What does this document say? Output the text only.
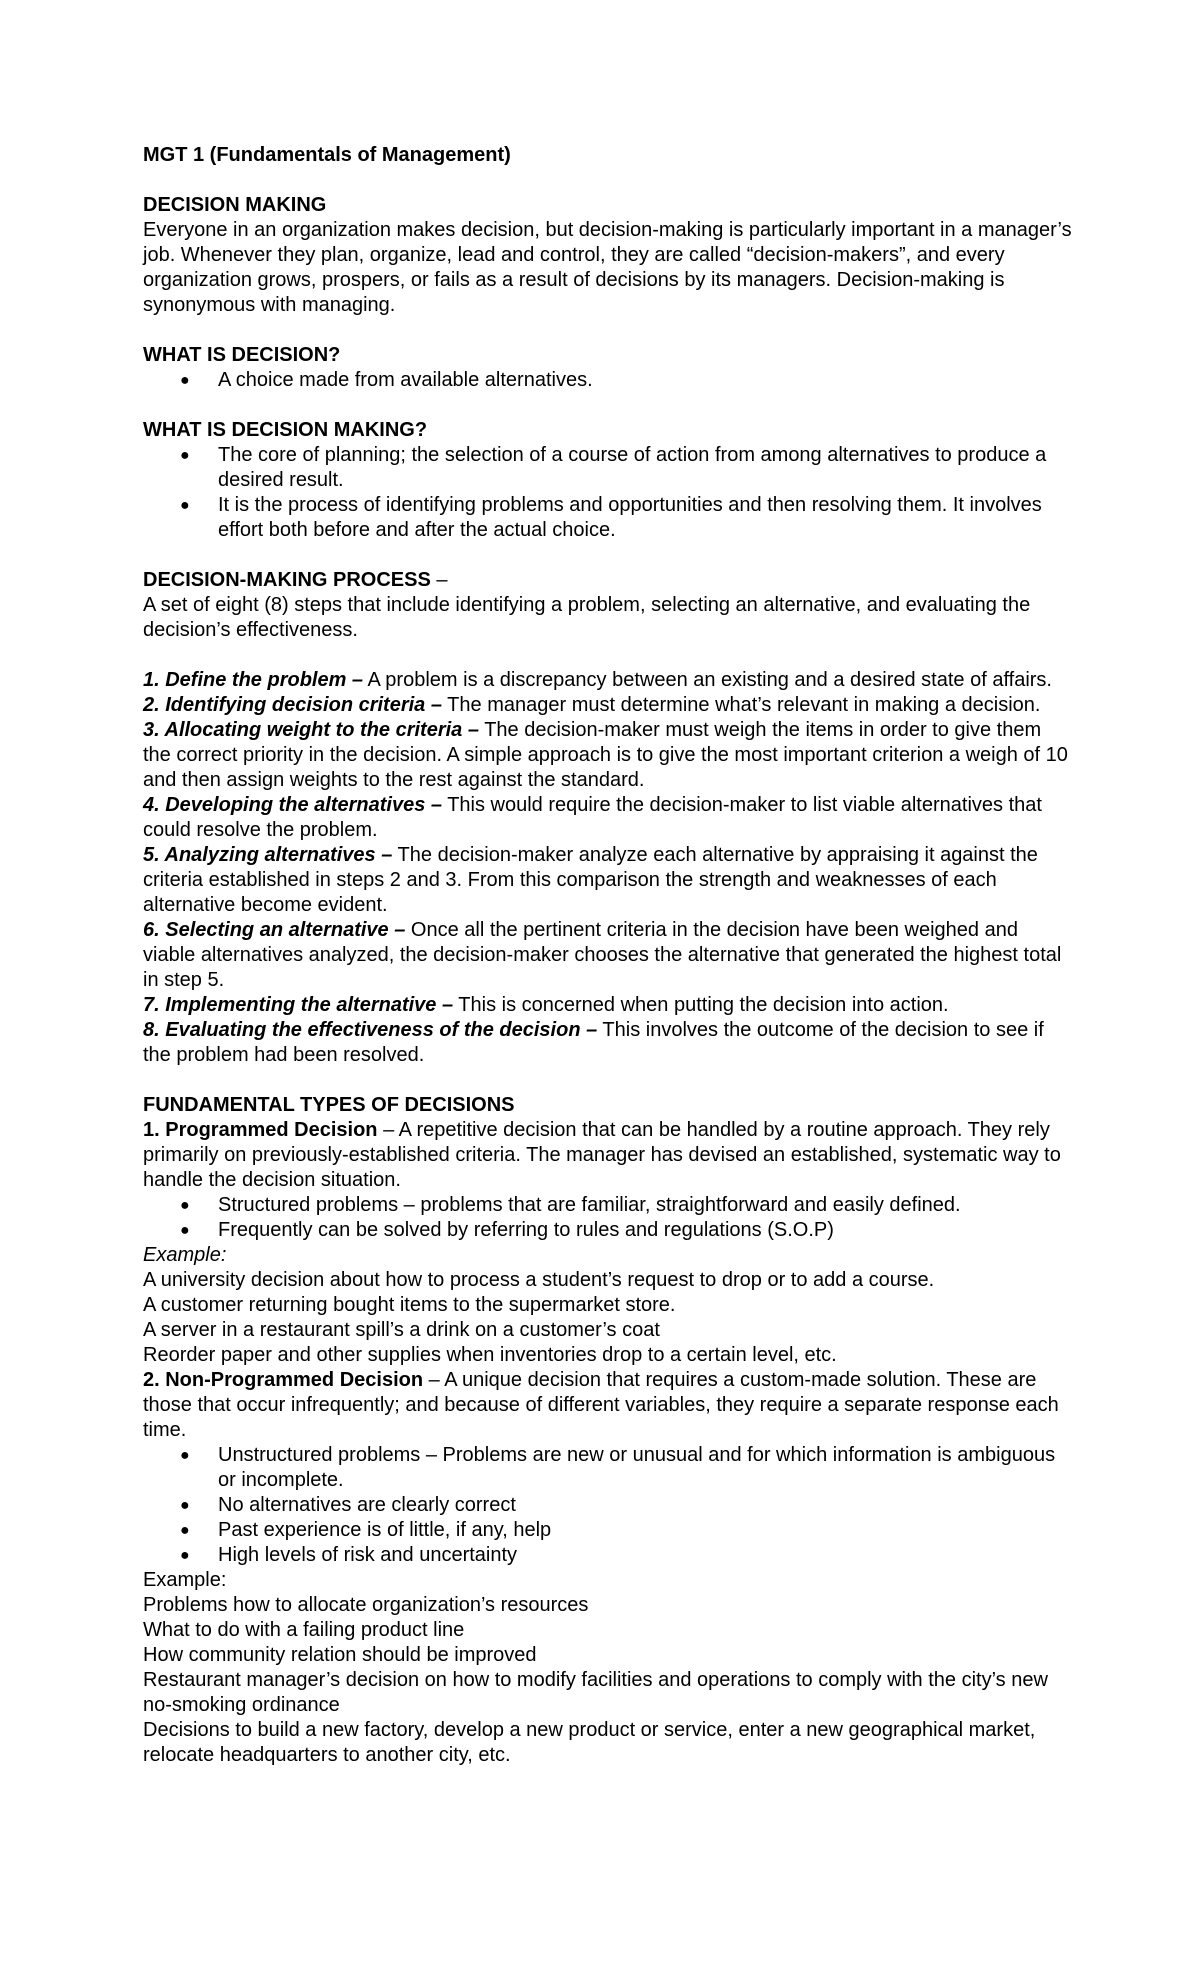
MGT 1 (Fundamentals of Management)

DECISION MAKING

Everyone in an organization makes decision, but decision-making is particularly important in a manager’s job. Whenever they plan, organize, lead and control, they are called “decision-makers”, and every organization grows, prospers, or fails as a result of decisions by its managers. Decision-making is synonymous with managing.

WHAT IS DECISION?

● A choice made from available alternatives.

WHAT IS DECISION MAKING?

● The core of planning; the selection of a course of action from among alternatives to produce a desired result.
● It is the process of identifying problems and opportunities and then resolving them. It involves effort both before and after the actual choice.

DECISION-MAKING PROCESS –

A set of eight (8) steps that include identifying a problem, selecting an alternative, and evaluating the decision’s effectiveness.

1. Define the problem – A problem is a discrepancy between an existing and a desired state of affairs.

2. Identifying decision criteria – The manager must determine what’s relevant in making a decision.

3. Allocating weight to the criteria – The decision-maker must weigh the items in order to give them the correct priority in the decision. A simple approach is to give the most important criterion a weigh of 10 and then assign weights to the rest against the standard.

4. Developing the alternatives – This would require the decision-maker to list viable alternatives that could resolve the problem.

5. Analyzing alternatives – The decision-maker analyze each alternative by appraising it against the criteria established in steps 2 and 3. From this comparison the strength and weaknesses of each alternative become evident.

6. Selecting an alternative – Once all the pertinent criteria in the decision have been weighed and viable alternatives analyzed, the decision-maker chooses the alternative that generated the highest total in step 5.

7. Implementing the alternative – This is concerned when putting the decision into action.

8. Evaluating the effectiveness of the decision – This involves the outcome of the decision to see if the problem had been resolved.

FUNDAMENTAL TYPES OF DECISIONS

1. Programmed Decision – A repetitive decision that can be handled by a routine approach. They rely primarily on previously-established criteria. The manager has devised an established, systematic way to handle the decision situation.

● Structured problems – problems that are familiar, straightforward and easily defined.
● Frequently can be solved by referring to rules and regulations (S.O.P)

Example:

A university decision about how to process a student’s request to drop or to add a course.

A customer returning bought items to the supermarket store.

A server in a restaurant spill’s a drink on a customer’s coat

Reorder paper and other supplies when inventories drop to a certain level, etc.

2. Non-Programmed Decision – A unique decision that requires a custom-made solution. These are those that occur infrequently; and because of different variables, they require a separate response each time.

● Unstructured problems – Problems are new or unusual and for which information is ambiguous or incomplete.
● No alternatives are clearly correct
● Past experience is of little, if any, help
● High levels of risk and uncertainty

Example:

Problems how to allocate organization’s resources

What to do with a failing product line

How community relation should be improved

Restaurant manager’s decision on how to modify facilities and operations to comply with the city’s new no-smoking ordinance

Decisions to build a new factory, develop a new product or service, enter a new geographical market, relocate headquarters to another city, etc.
